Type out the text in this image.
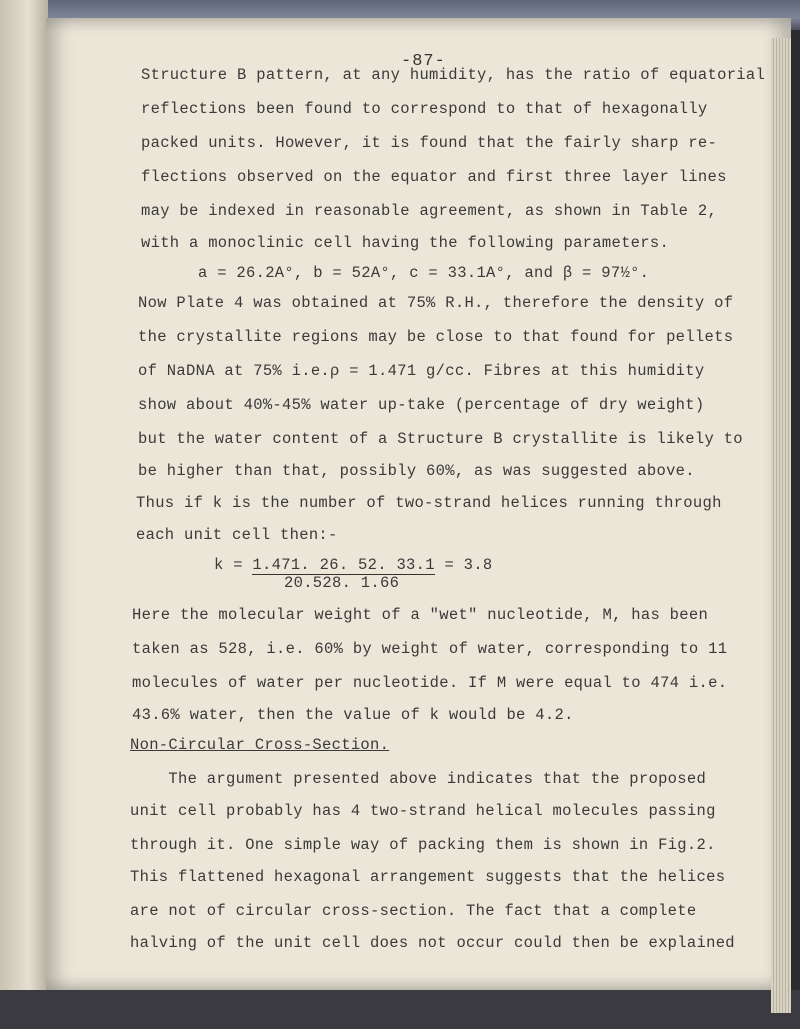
-87-
Structure B pattern, at any humidity, has the ratio of equatorial
reflections been found to correspond to that of hexagonally
packed units. However, it is found that the fairly sharp re-
flections observed on the equator and first three layer lines
may be indexed in reasonable agreement, as shown in Table 2,
with a monoclinic cell having the following parameters.
a = 26.2A°, b = 52A°, c = 33.1A°, and β = 97½°.
Now Plate 4 was obtained at 75% R.H., therefore the density of
the crystallite regions may be close to that found for pellets
of NaDNA at 75% i.e.ρ = 1.471 g/cc. Fibres at this humidity
show about 40%-45% water up-take (percentage of dry weight)
but the water content of a Structure B crystallite is likely to
be higher than that, possibly 60%, as was suggested above.
Thus if k is the number of two-strand helices running through
each unit cell then:-
k = 1.471. 26. 52. 33.1 = 3.8
20.528. 1.66
Here the molecular weight of a "wet" nucleotide, M, has been
taken as 528, i.e. 60% by weight of water, corresponding to 11
molecules of water per nucleotide. If M were equal to 474 i.e.
43.6% water, then the value of k would be 4.2.
Non-Circular Cross-Section.
The argument presented above indicates that the proposed
unit cell probably has 4 two-strand helical molecules passing
through it. One simple way of packing them is shown in Fig.2.
This flattened hexagonal arrangement suggests that the helices
are not of circular cross-section. The fact that a complete
halving of the unit cell does not occur could then be explained
